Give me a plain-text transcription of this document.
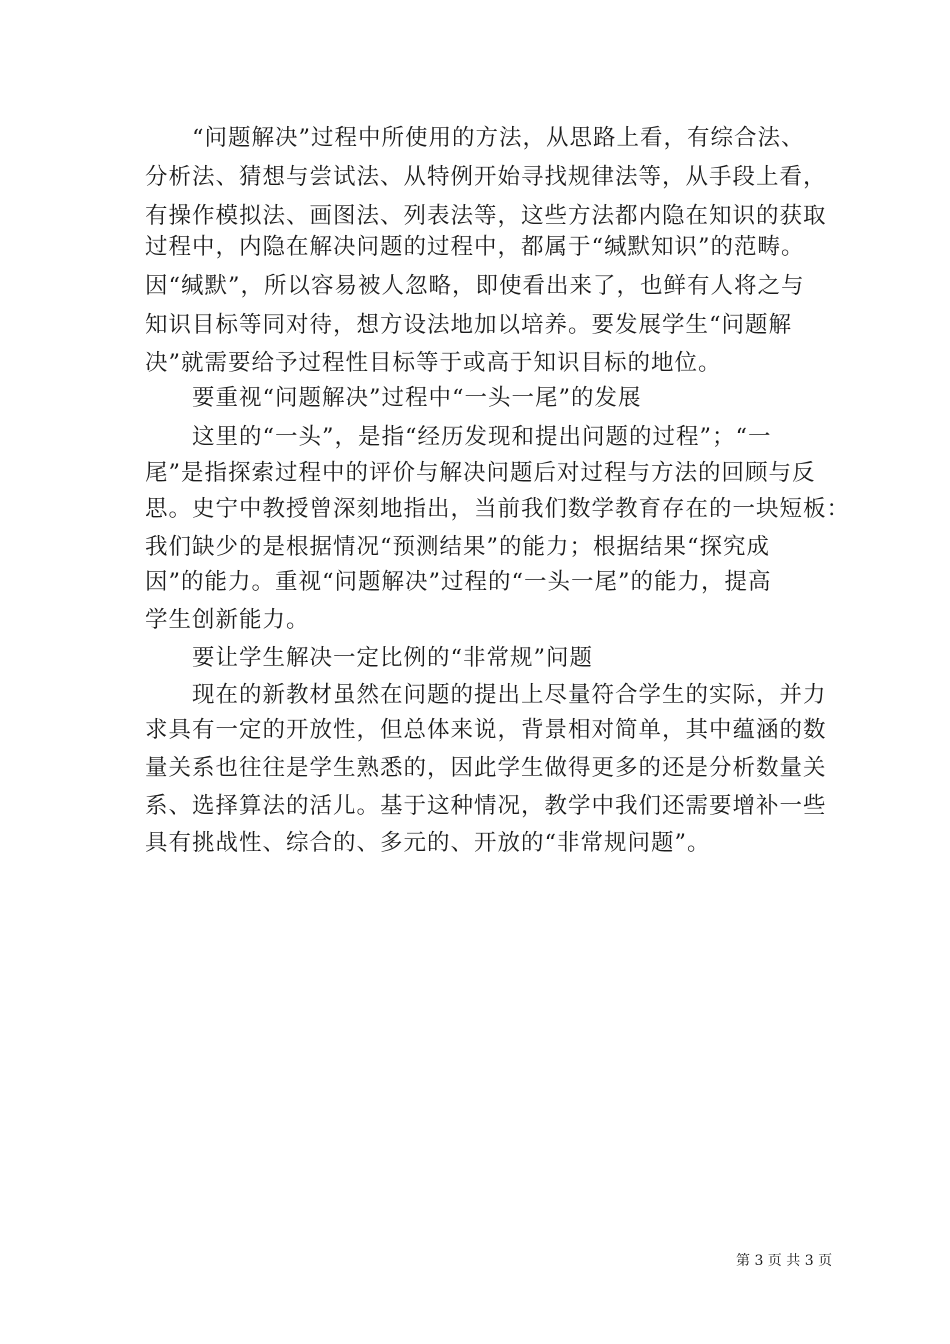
　　“问题解决”过程中所使用的方法，从思路上看，有综合法、
分析法、猜想与尝试法、从特例开始寻找规律法等，从手段上看，
有操作模拟法、画图法、列表法等，这些方法都内隐在知识的获取
过程中，内隐在解决问题的过程中，都属于“缄默知识”的范畴。
因“缄默”，所以容易被人忽略，即使看出来了，也鲜有人将之与
知识目标等同对待，想方设法地加以培养。要发展学生“问题解
决”就需要给予过程性目标等于或高于知识目标的地位。
　　要重视“问题解决”过程中“一头一尾”的发展
　　这里的“一头”，是指“经历发现和提出问题的过程”；“一
尾”是指探索过程中的评价与解决问题后对过程与方法的回顾与反
思。史宁中教授曾深刻地指出，当前我们数学教育存在的一块短板：
我们缺少的是根据情况“预测结果”的能力；根据结果“探究成
因”的能力。重视“问题解决”过程的“一头一尾”的能力，提高
学生创新能力。
　　要让学生解决一定比例的“非常规”问题
　　现在的新教材虽然在问题的提出上尽量符合学生的实际，并力
求具有一定的开放性，但总体来说，背景相对简单，其中蕴涵的数
量关系也往往是学生熟悉的，因此学生做得更多的还是分析数量关
系、选择算法的活儿。基于这种情况，教学中我们还需要增补一些
具有挑战性、综合的、多元的、开放的“非常规问题”。
第 3 页 共 3 页
